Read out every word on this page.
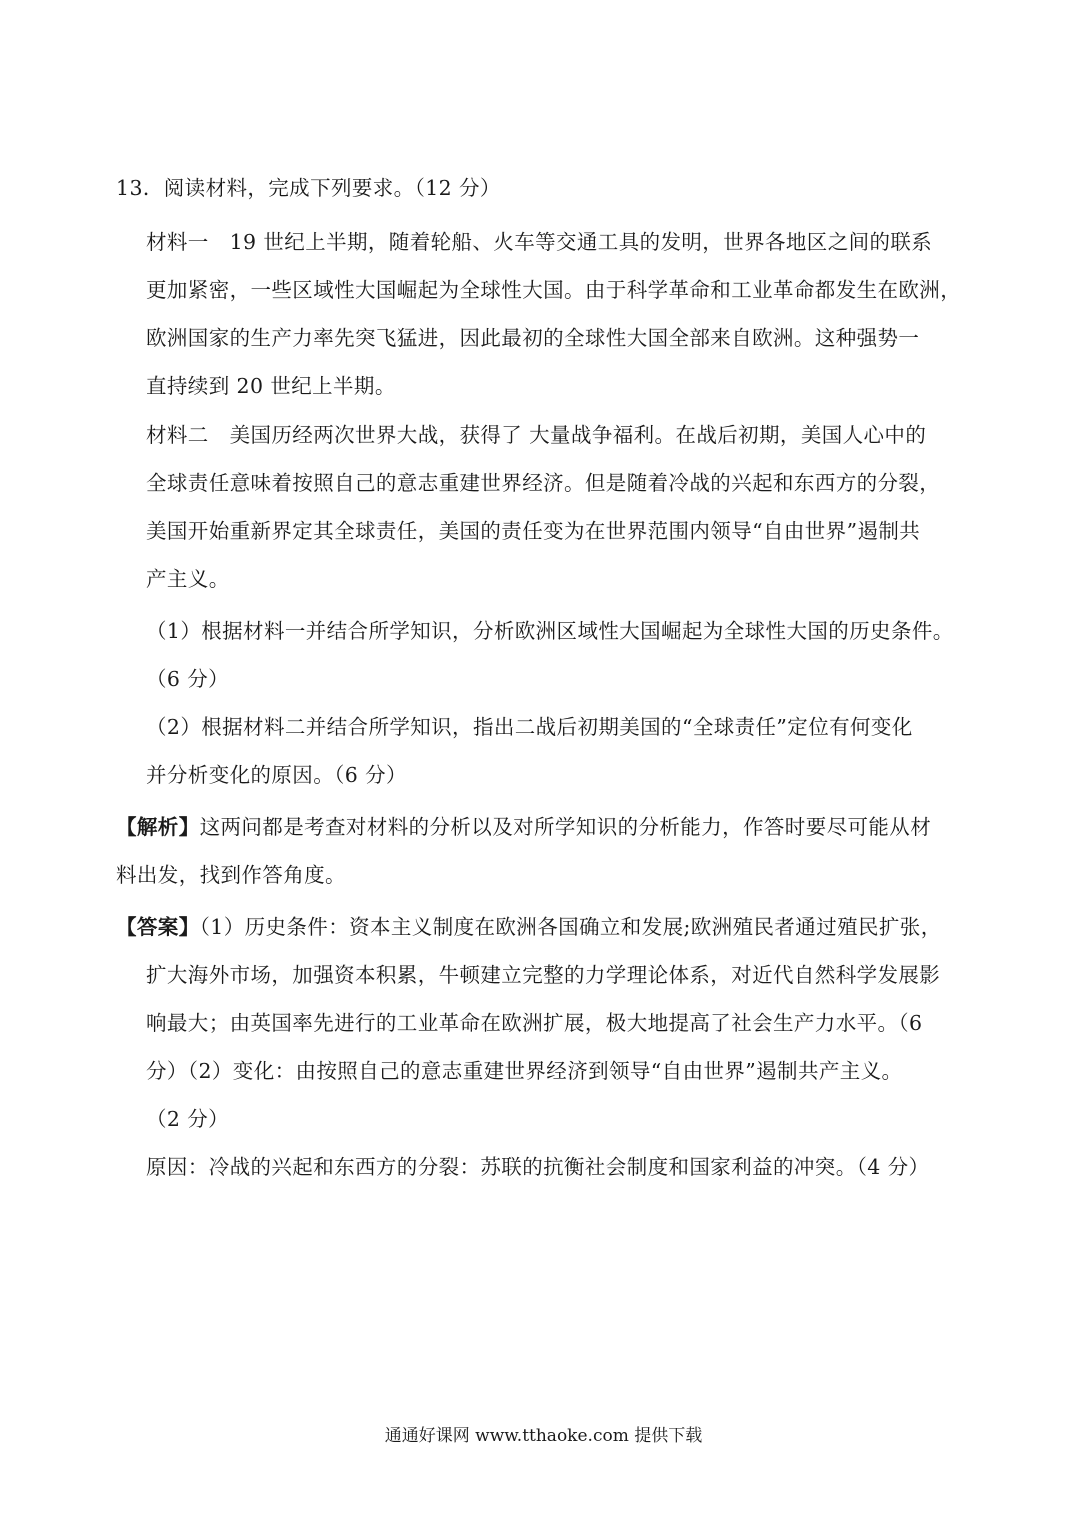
13．阅读材料，完成下列要求。（12 分）
材料一　19 世纪上半期，随着轮船、火车等交通工具的发明，世界各地区之间的联系
更加紧密，一些区域性大国崛起为全球性大国。由于科学革命和工业革命都发生在欧洲，
欧洲国家的生产力率先突飞猛进，因此最初的全球性大国全部来自欧洲。这种强势一
直持续到 20 世纪上半期。
材料二　美国历经两次世界大战，获得了 大量战争福利。在战后初期，美国人心中的
全球责任意味着按照自己的意志重建世界经济。但是随着冷战的兴起和东西方的分裂，
美国开始重新界定其全球责任，美国的责任变为在世界范围内领导“自由世界”遏制共
产主义。
（1）根据材料一并结合所学知识，分析欧洲区域性大国崛起为全球性大国的历史条件。
（6 分）
（2）根据材料二并结合所学知识，指出二战后初期美国的“全球责任”定位有何变化
并分析变化的原因。（6 分）
【解析】这两问都是考查对材料的分析以及对所学知识的分析能力，作答时要尽可能从材
料出发，找到作答角度。
【答案】（1）历史条件：资本主义制度在欧洲各国确立和发展;欧洲殖民者通过殖民扩张，
扩大海外市场，加强资本积累，牛顿建立完整的力学理论体系，对近代自然科学发展影
响最大；由英国率先进行的工业革命在欧洲扩展，极大地提高了社会生产力水平。（6
分）（2）变化：由按照自己的意志重建世界经济到领导“自由世界”遏制共产主义。
（2 分）
原因：冷战的兴起和东西方的分裂：苏联的抗衡社会制度和国家利益的冲突。（4 分）
通通好课网 www.tthaoke.com 提供下载
